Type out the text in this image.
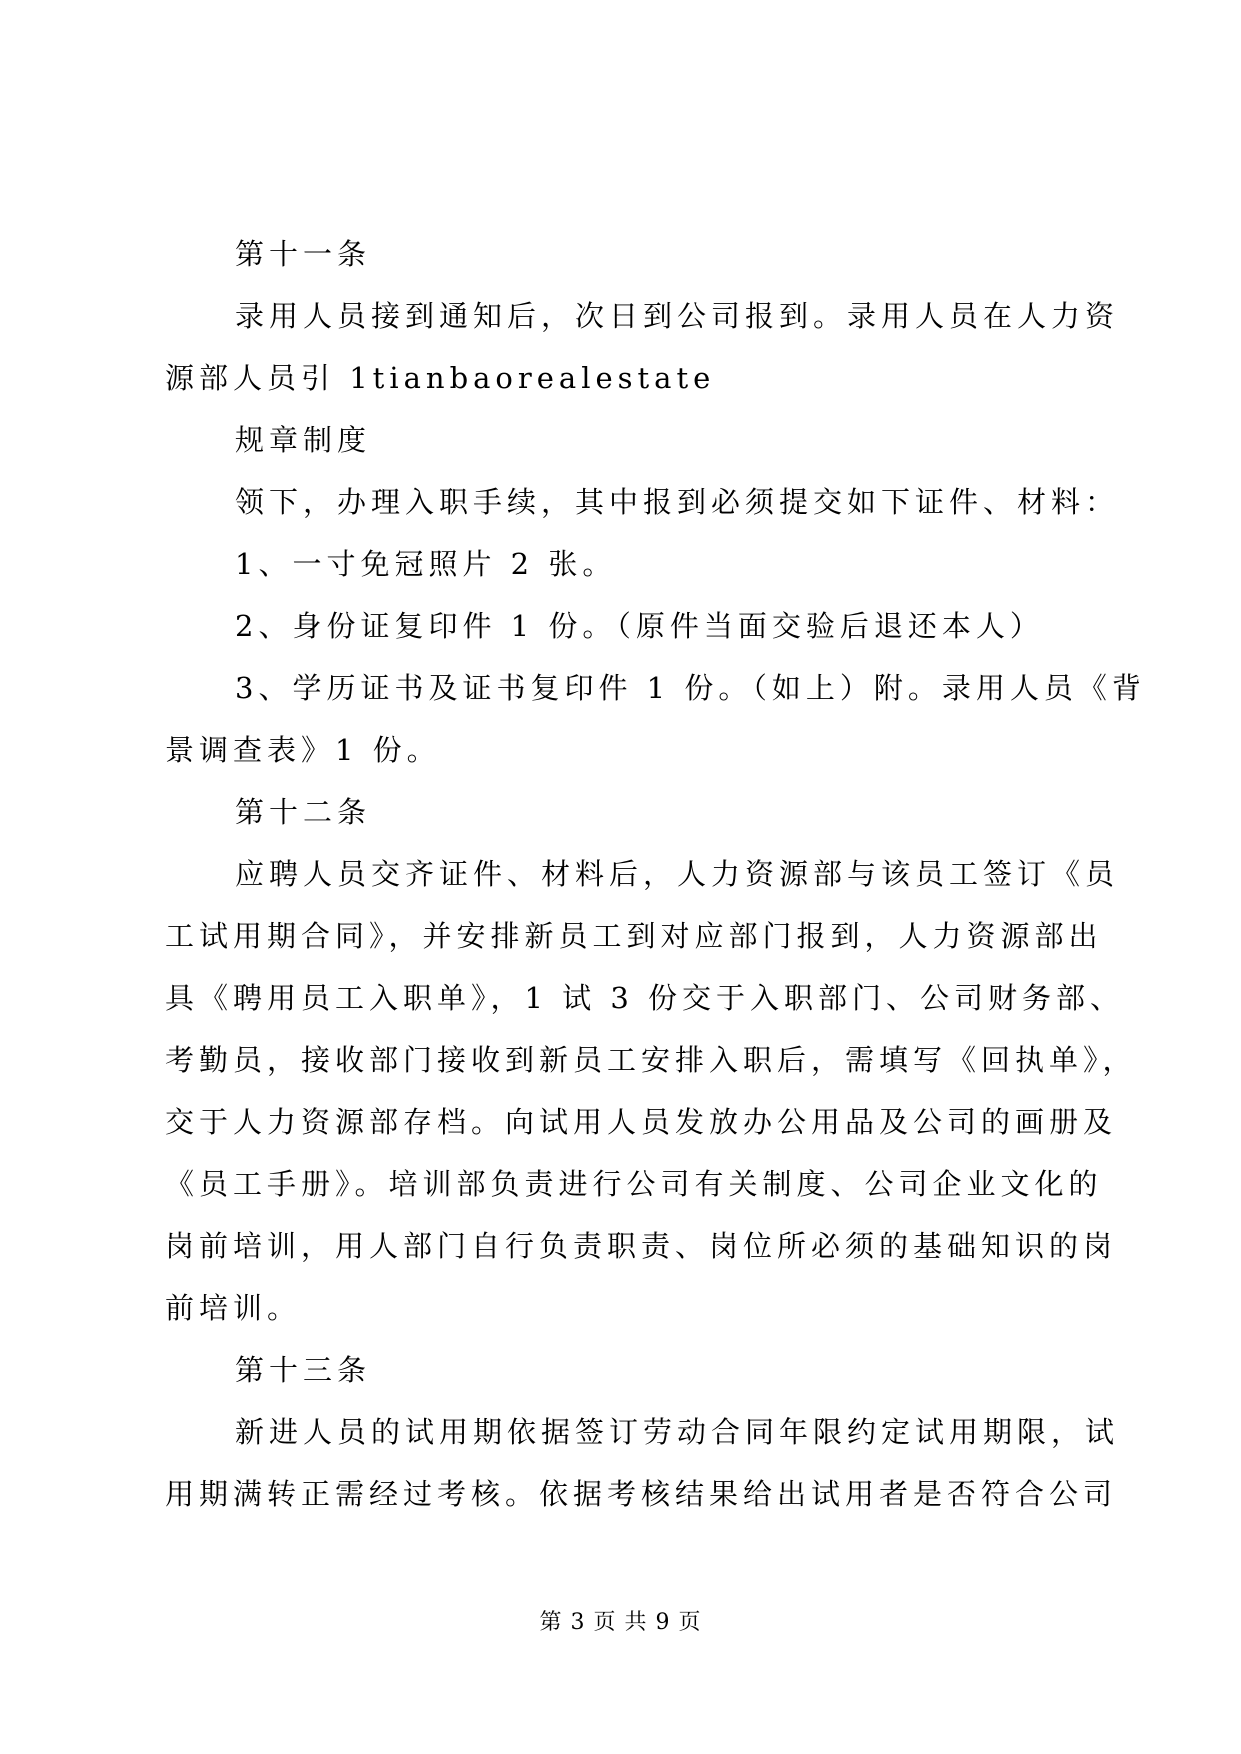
第十一条

录用人员接到通知后，次日到公司报到。录用人员在人力资

源部人员引 1tianbaorealestate

规章制度

领下，办理入职手续，其中报到必须提交如下证件、材料：

1、一寸免冠照片 2 张。

2、身份证复印件 1 份。（原件当面交验后退还本人）

3、学历证书及证书复印件 1 份。（如上）附。录用人员《背

景调查表》1 份。

第十二条

应聘人员交齐证件、材料后，人力资源部与该员工签订《员

工试用期合同》，并安排新员工到对应部门报到，人力资源部出

具《聘用员工入职单》，1 试 3 份交于入职部门、公司财务部、

考勤员，接收部门接收到新员工安排入职后，需填写《回执单》，

交于人力资源部存档。向试用人员发放办公用品及公司的画册及

《员工手册》。培训部负责进行公司有关制度、公司企业文化的

岗前培训，用人部门自行负责职责、岗位所必须的基础知识的岗

前培训。

第十三条

新进人员的试用期依据签订劳动合同年限约定试用期限，试

用期满转正需经过考核。依据考核结果给出试用者是否符合公司

第 3 页 共 9 页
